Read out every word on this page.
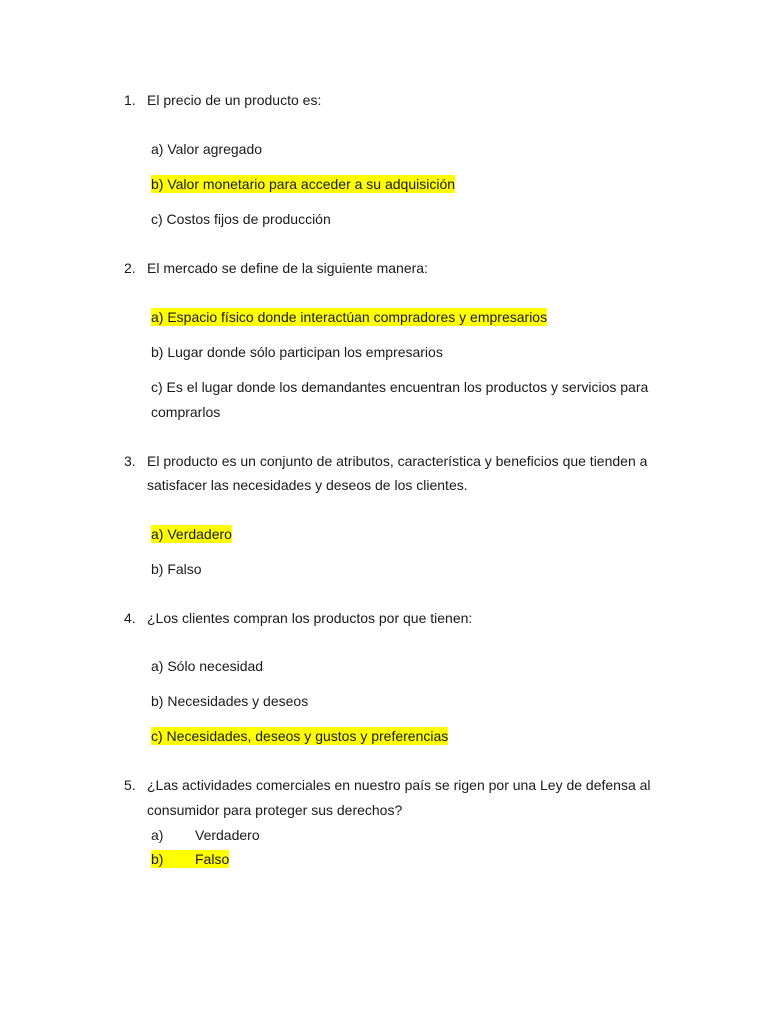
1. El precio de un producto es:
a) Valor agregado
b) Valor monetario para acceder a su adquisición
c) Costos fijos de producción
2. El mercado se define de la siguiente manera:
a) Espacio físico donde interactúan compradores y empresarios
b) Lugar donde sólo participan los empresarios
c) Es el lugar donde los demandantes encuentran los productos y servicios para
comprarlos
3. El producto es un conjunto de atributos, característica y beneficios que tienden a
satisfacer las necesidades y deseos de los clientes.
a) Verdadero
b) Falso
4. ¿Los clientes compran los productos por que tienen:
a) Sólo necesidad
b) Necesidades y deseos
c) Necesidades, deseos y gustos y preferencias
5. ¿Las actividades comerciales en nuestro país se rigen por una Ley de defensa al
consumidor para proteger sus derechos?
a) Verdadero
b) Falso
